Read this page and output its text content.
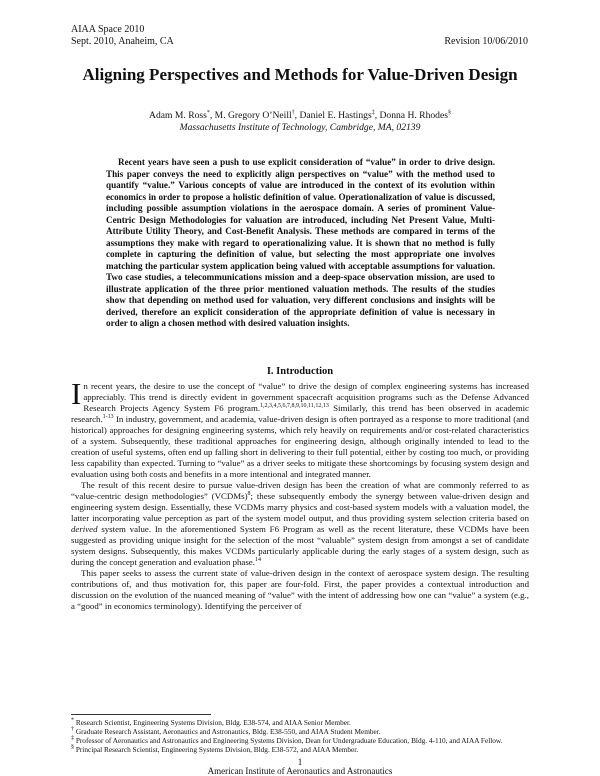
AIAA Space 2010
Sept. 2010, Anaheim, CA	Revision 10/06/2010
Aligning Perspectives and Methods for Value-Driven Design
Adam M. Ross*, M. Gregory O’Neill†, Daniel E. Hastings‡, Donna H. Rhodes§
Massachusetts Institute of Technology, Cambridge, MA, 02139
Recent years have seen a push to use explicit consideration of “value” in order to drive design. This paper conveys the need to explicitly align perspectives on “value” with the method used to quantify “value.” Various concepts of value are introduced in the context of its evolution within economics in order to propose a holistic definition of value. Operationalization of value is discussed, including possible assumption violations in the aerospace domain. A series of prominent Value-Centric Design Methodologies for valuation are introduced, including Net Present Value, Multi-Attribute Utility Theory, and Cost-Benefit Analysis. These methods are compared in terms of the assumptions they make with regard to operationalizing value. It is shown that no method is fully complete in capturing the definition of value, but selecting the most appropriate one involves matching the particular system application being valued with acceptable assumptions for valuation. Two case studies, a telecommunications mission and a deep-space observation mission, are used to illustrate application of the three prior mentioned valuation methods. The results of the studies show that depending on method used for valuation, very different conclusions and insights will be derived, therefore an explicit consideration of the appropriate definition of value is necessary in order to align a chosen method with desired valuation insights.
I. Introduction

In recent years, the desire to use the concept of “value” to drive the design of complex engineering systems has increased appreciably. This trend is directly evident in government spacecraft acquisition programs such as the Defense Advanced Research Projects Agency System F6 program.$^{1,2,3,4,5,6,7,8,9,10,11,12,13}$ Similarly, this trend has been observed in academic research.$^{1-13}$ In industry, government, and academia, value-driven design is often portrayed as a response to more traditional (and historical) approaches for designing engineering systems, which rely heavily on requirements and/or cost-related characteristics of a system. Subsequently, these traditional approaches for engineering design, although originally intended to lead to the creation of useful systems, often end up falling short in delivering to their full potential, either by costing too much, or providing less capability than expected. Turning to “value” as a driver seeks to mitigate these shortcomings by focusing system design and evaluation using both costs and benefits in a more intentional and integrated manner.

The result of this recent desire to pursue value-driven design has been the creation of what are commonly referred to as “value-centric design methodologies” (VCDMs)$^8$; these subsequently embody the synergy between value-driven design and engineering system design. Essentially, these VCDMs marry physics and cost-based system models with a valuation model, the latter incorporating value perception as part of the system model output, and thus providing system selection criteria based on derived system value. In the aforementioned System F6 Program as well as the recent literature, these VCDMs have been suggested as providing unique insight for the selection of the most “valuable” system design from amongst a set of candidate system designs. Subsequently, this makes VCDMs particularly applicable during the early stages of a system design, such as during the concept generation and evaluation phase.$^{14}$

This paper seeks to assess the current state of value-driven design in the context of aerospace system design. The resulting contributions of, and thus motivation for, this paper are four-fold. First, the paper provides a contextual introduction and discussion on the evolution of the nuanced meaning of “value” with the intent of addressing how one can “value” a system (e.g., a “good” in economics terminology). Identifying the perceiver of

* Research Scientist, Engineering Systems Division, Bldg. E38-574, and AIAA Senior Member.
† Graduate Research Assistant, Aeronautics and Astronautics, Bldg. E38-550, and AIAA Student Member.
‡ Professor of Aeronautics and Astronautics and Engineering Systems Division, Dean for Undergraduate Education, Bldg. 4-110, and AIAA Fellow.
§ Principal Research Scientist, Engineering Systems Division, Bldg. E38-572, and AIAA Member.
1
American Institute of Aeronautics and Astronautics
